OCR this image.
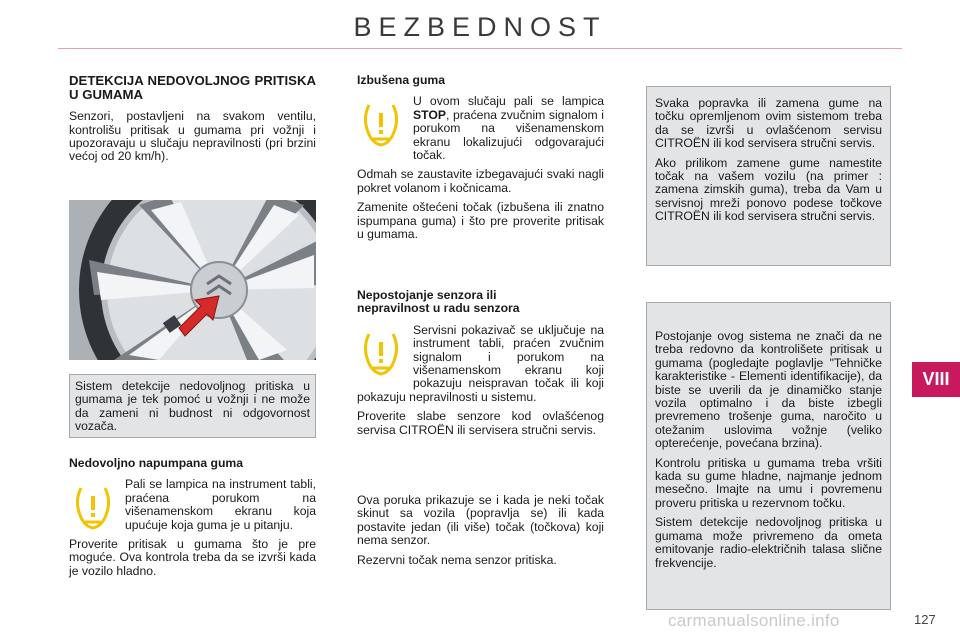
BEZBEDNOST
DETEKCIJA NEDOVOLJNOG PRITISKA U GUMAMA

Senzori, postavljeni na svakom ventilu, kontrolišu pritisak u gumama pri vožnji i upozoravaju u slučaju nepravilnosti (pri brzini većoj od 20 km/h).

Sistem detekcije nedovoljnog pritiska u gumama je tek pomoć u vožnji i ne može da zameni ni budnost ni odgovornost vozača.
Nedovoljno napumpana guma

Pali se lampica na instrument tabli, praćena porukom na višenamenskom ekranu koja upućuje koja guma je u pitanju.

Proverite pritisak u gumama što je pre moguće. Ova kontrola treba da se izvrši kada je vozilo hladno.

Izbušena guma

U ovom slučaju pali se lampica STOP, praćena zvučnim signalom i porukom na višenamenskom ekranu lokalizujući odgovarajući točak.

Odmah se zaustavite izbegavajući svaki nagli pokret volanom i kočnicama.

Zamenite oštećeni točak (izbušena ili znatno ispumpana guma) i što pre proverite pritisak u gumama.

Nepostojanje senzora ili nepravilnost u radu senzora

Servisni pokazivač se uključuje na instrument tabli, praćen zvučnim signalom i porukom na višenamenskom ekranu koji pokazuju neispravan točak ili koji pokazuju nepravilnosti u sistemu.

Proverite slabe senzore kod ovlašćenog servisa CITROËN ili servisera stručni servis.

Ova poruka prikazuje se i kada je neki točak skinut sa vozila (popravlja se) ili kada postavite jedan (ili više) točak (točkova) koji nema senzor.

Rezervni točak nema senzor pritiska.

Svaka popravka ili zamena gume na točku opremljenom ovim sistemom treba da se izvrši u ovlašćenom servisu CITROËN ili kod servisera stručni servis.

Ako prilikom zamene gume namestite točak na vašem vozilu (na primer : zamena zimskih guma), treba da Vam u servisnoj mreži ponovo podese točkove CITROËN ili kod servisera stručni servis.

Postojanje ovog sistema ne znači da ne treba redovno da kontrolišete pritisak u gumama (pogledajte poglavlje "Tehničke karakteristike - Elementi identifikacije), da biste se uverili da je dinamičko stanje vozila optimalno i da biste izbegli prevremeno trošenje guma, naročito u otežanim uslovima vožnje (veliko opterećenje, povećana brzina).

Kontrolu pritiska u gumama treba vršiti kada su gume hladne, najmanje jednom mesečno. Imajte na umu i povremenu proveru pritiska u rezervnom točku.

Sistem detekcije nedovoljnog pritiska u gumama može privremeno da ometa emitovanje radio-električnih talasa slične frekvencije.

VIII
carmanualsonline.info	127
